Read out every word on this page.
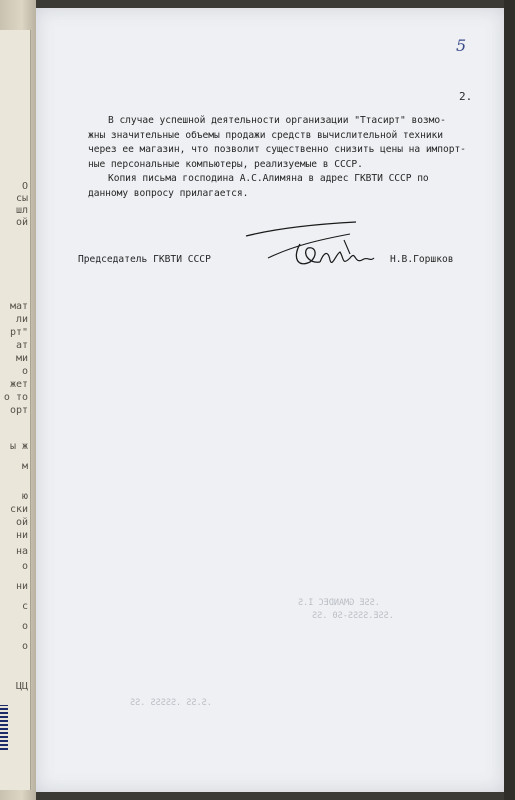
О
сы
шл
ой
мат
ли
рт"
ат
ми
о
жет
о то
орт
ы ж
м
ю
ски
ой
ни
на
о
ни
с
о
о
ЦЦ
5
2.
В случае успешной деятельности организации "Ттасирт" возмо-
жны значительные объемы продажи средств вычислительной техники
через ее магазин, что позволит существенно снизить цены на импорт-
ные персональные компьютеры, реализуемые в СССР.
Копия письма господина А.С.Алимяна в адрес ГКВТИ СССР по
данному вопросу прилагается.
Председатель ГКВТИ СССР	Н.В.Горшков
.SSE GMANDEC I.S
.SSE.SSSS-S0 .SS
.S.SS .SSSSS .SS
